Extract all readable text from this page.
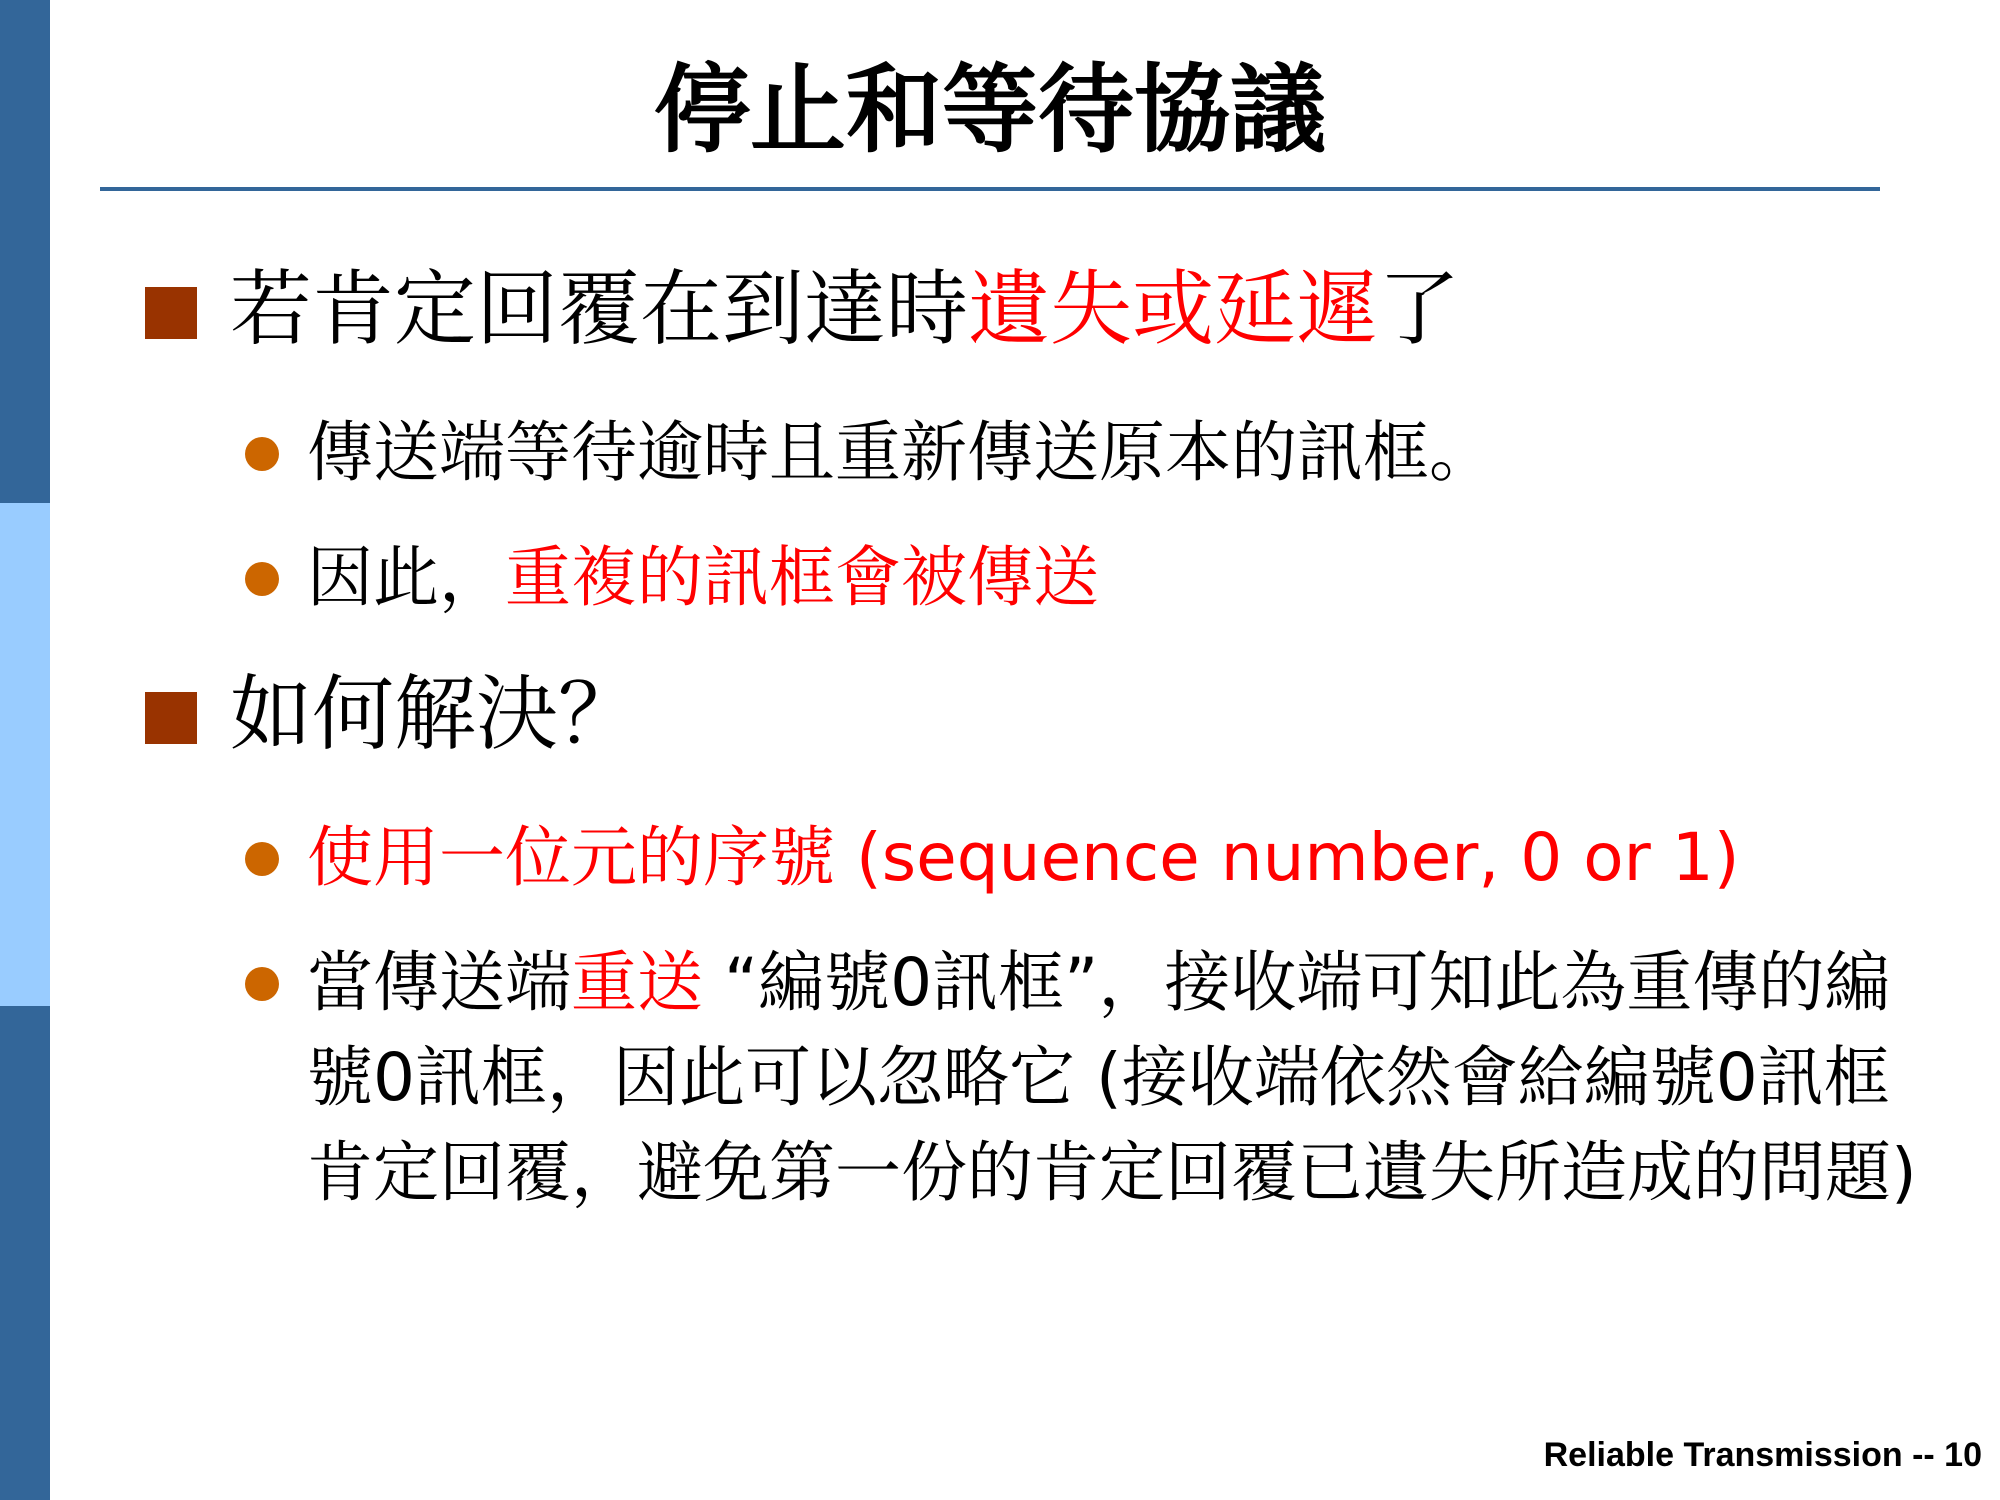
停止和等待協議
若肯定回覆在到達時遺失或延遲了
傳送端等待逾時且重新傳送原本的訊框。
因此，重複的訊框會被傳送
如何解決？
使用一位元的序號 (sequence number, 0 or 1)
當傳送端重送 “編號0訊框”，接收端可知此為重傳的編號0訊框，因此可以忽略它 (接收端依然會給編號0訊框肯定回覆，避免第一份的肯定回覆已遺失所造成的問題)
Reliable Transmission -- 10
